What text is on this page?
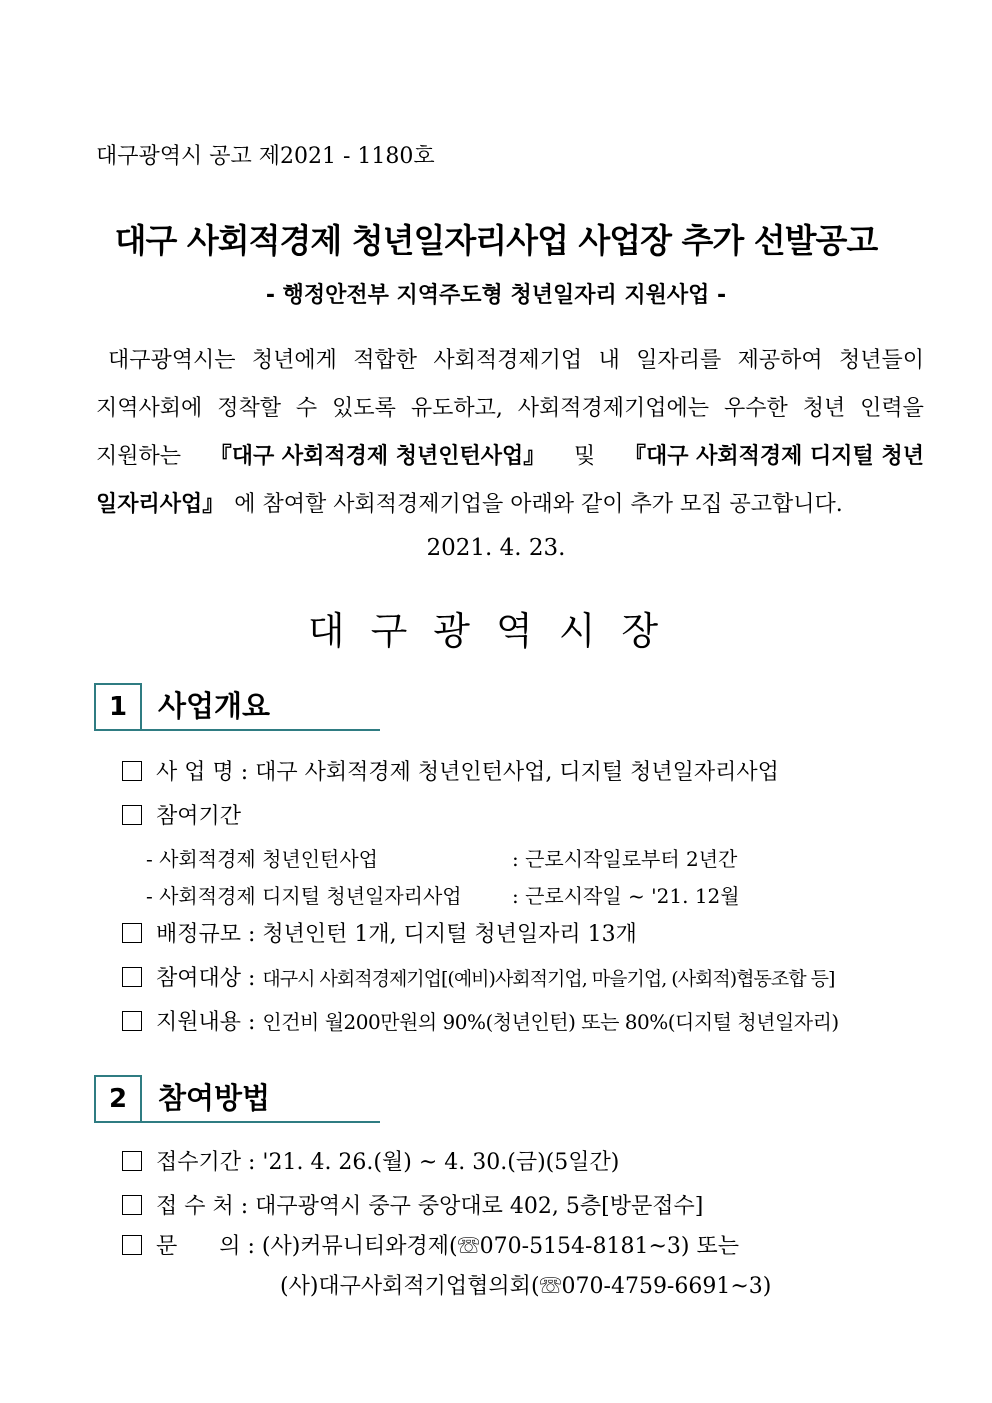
대구광역시 공고 제2021 - 1180호
대구 사회적경제 청년일자리사업 사업장 추가 선발공고
- 행정안전부 지역주도형 청년일자리 지원사업 -
대구광역시는 청년에게 적합한 사회적경제기업 내 일자리를 제공하여 청년들이
지역사회에 정착할 수 있도록 유도하고, 사회적경제기업에는 우수한 청년 인력을
지원하는 『대구 사회적경제 청년인턴사업』 및 『대구 사회적경제 디지털 청년
일자리사업』 에 참여할 사회적경제기업을 아래와 같이 추가 모집 공고합니다.
2021. 4. 23.
대구광역시장
1	사업개요
사 업 명 : 대구 사회적경제 청년인턴사업, 디지털 청년일자리사업
참여기간
- 사회적경제 청년인턴사업	: 근로시작일로부터 2년간
- 사회적경제 디지털 청년일자리사업	: 근로시작일 ~ '21. 12월
배정규모 : 청년인턴 1개, 디지털 청년일자리 13개
참여대상 : 대구시 사회적경제기업[(예비)사회적기업, 마을기업, (사회적)협동조합 등]
지원내용 : 인건비 월200만원의 90%(청년인턴) 또는 80%(디지털 청년일자리)
2	참여방법
접수기간 : '21. 4. 26.(월) ~ 4. 30.(금)(5일간)
접 수 처 : 대구광역시 중구 중앙대로 402, 5층[방문접수]
문      의 : (사)커뮤니티와경제(☏070-5154-8181~3) 또는
(사)대구사회적기업협의회(☏070-4759-6691~3)
